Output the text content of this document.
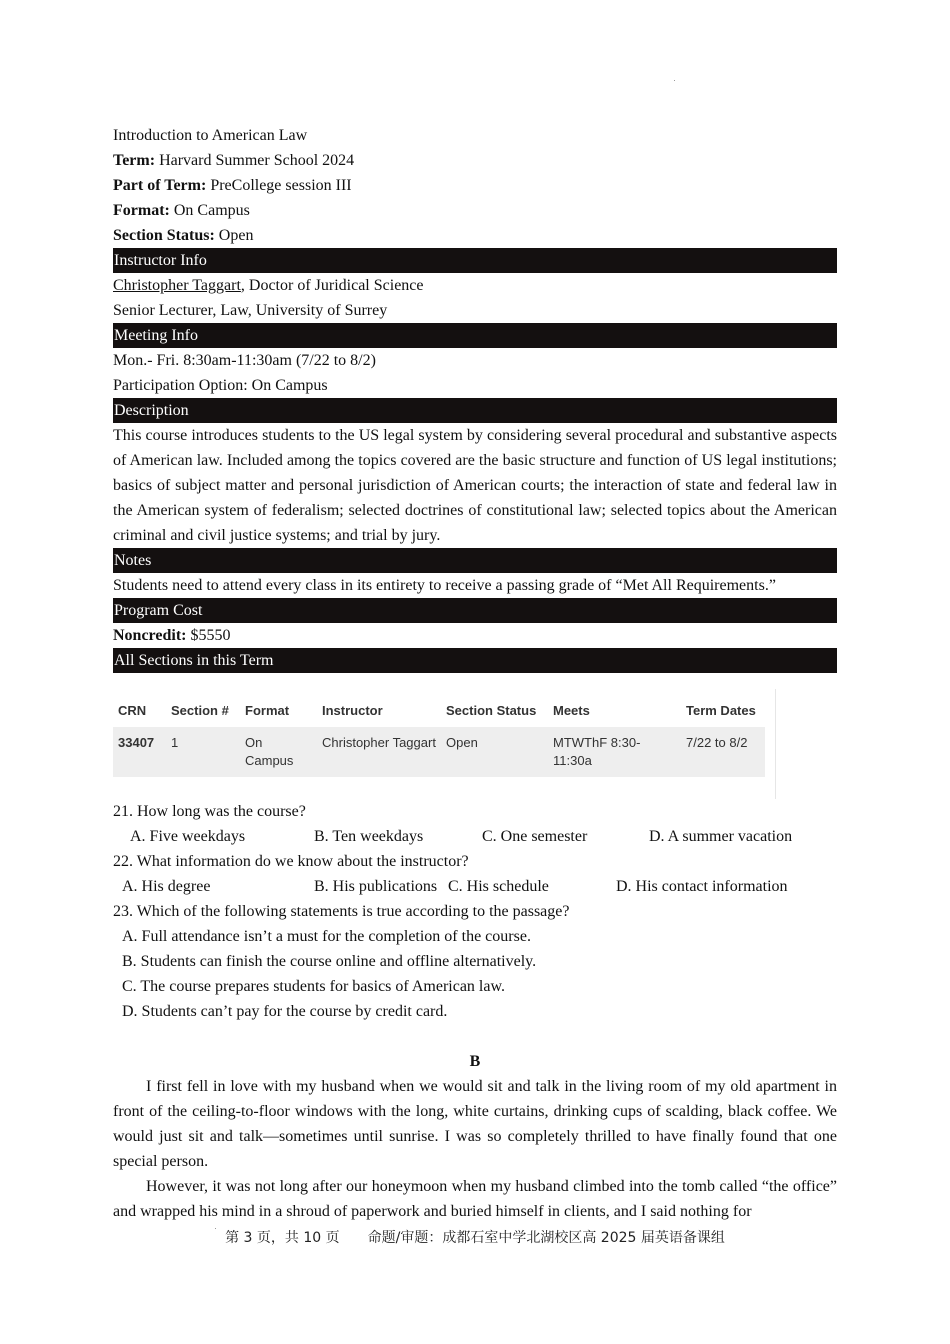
Introduction to American Law
Term: Harvard Summer School 2024
Part of Term: PreCollege session III
Format: On Campus
Section Status: Open
Instructor Info
Christopher Taggart, Doctor of Juridical Science
Senior Lecturer, Law, University of Surrey
Meeting Info
Mon.- Fri. 8:30am-11:30am (7/22 to 8/2)
Participation Option: On Campus
Description
This course introduces students to the US legal system by considering several procedural and substantive aspects of American law. Included among the topics covered are the basic structure and function of US legal institutions; basics of subject matter and personal jurisdiction of American courts; the interaction of state and federal law in the American system of federalism; selected doctrines of constitutional law; selected topics about the American criminal and civil justice systems; and trial by jury.
Notes
Students need to attend every class in its entirety to receive a passing grade of “Met All Requirements.”
Program Cost
Noncredit: $5550
All Sections in this Term
CRN	Section #	Format	Instructor	Section Status	Meets	Term Dates
33407	1	On Campus	Christopher Taggart	Open	MTWThF 8:30-11:30a	7/22 to 8/2
21. How long was the course?
A. Five weekdays	B. Ten weekdays	C. One semester	D. A summer vacation
22. What information do we know about the instructor?
A. His degree	B. His publications C. His schedule	D. His contact information
23. Which of the following statements is true according to the passage?
A. Full attendance isn’t a must for the completion of the course.
B. Students can finish the course online and offline alternatively.
C. The course prepares students for basics of American law.
D. Students can’t pay for the course by credit card.
B
I first fell in love with my husband when we would sit and talk in the living room of my old apartment in front of the ceiling-to-floor windows with the long, white curtains, drinking cups of scalding, black coffee. We would just sit and talk—sometimes until sunrise. I was so completely thrilled to have finally found that one special person.
However, it was not long after our honeymoon when my husband climbed into the tomb called “the office” and wrapped his mind in a shroud of paperwork and buried himself in clients, and I said nothing for
第 3 页，共 10 页　　命题/审题：成都石室中学北湖校区高 2025 届英语备课组
